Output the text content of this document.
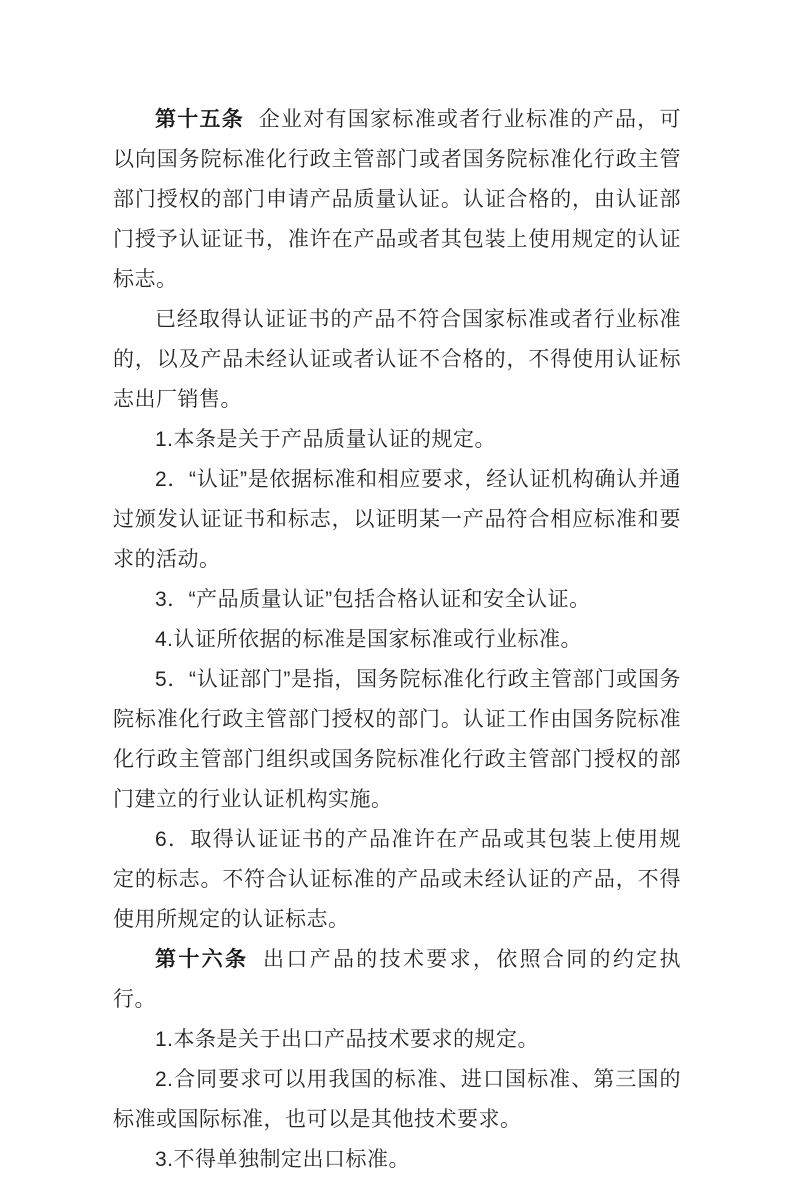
第十五条 企业对有国家标准或者行业标准的产品，可以向国务院标准化行政主管部门或者国务院标准化行政主管部门授权的部门申请产品质量认证。认证合格的，由认证部门授予认证证书，准许在产品或者其包装上使用规定的认证标志。

已经取得认证证书的产品不符合国家标准或者行业标准的，以及产品未经认证或者认证不合格的，不得使用认证标志出厂销售。

1.本条是关于产品质量认证的规定。

2．“认证”是依据标准和相应要求，经认证机构确认并通过颁发认证证书和标志，以证明某一产品符合相应标准和要求的活动。

3．“产品质量认证”包括合格认证和安全认证。

4.认证所依据的标准是国家标准或行业标准。

5．“认证部门”是指，国务院标准化行政主管部门或国务院标准化行政主管部门授权的部门。认证工作由国务院标准化行政主管部门组织或国务院标准化行政主管部门授权的部门建立的行业认证机构实施。

6．取得认证证书的产品准许在产品或其包装上使用规定的标志。不符合认证标准的产品或未经认证的产品，不得使用所规定的认证标志。

第十六条 出口产品的技术要求，依照合同的约定执行。

1.本条是关于出口产品技术要求的规定。

2.合同要求可以用我国的标准、进口国标准、第三国的标准或国际标准，也可以是其他技术要求。

3.不得单独制定出口标准。
